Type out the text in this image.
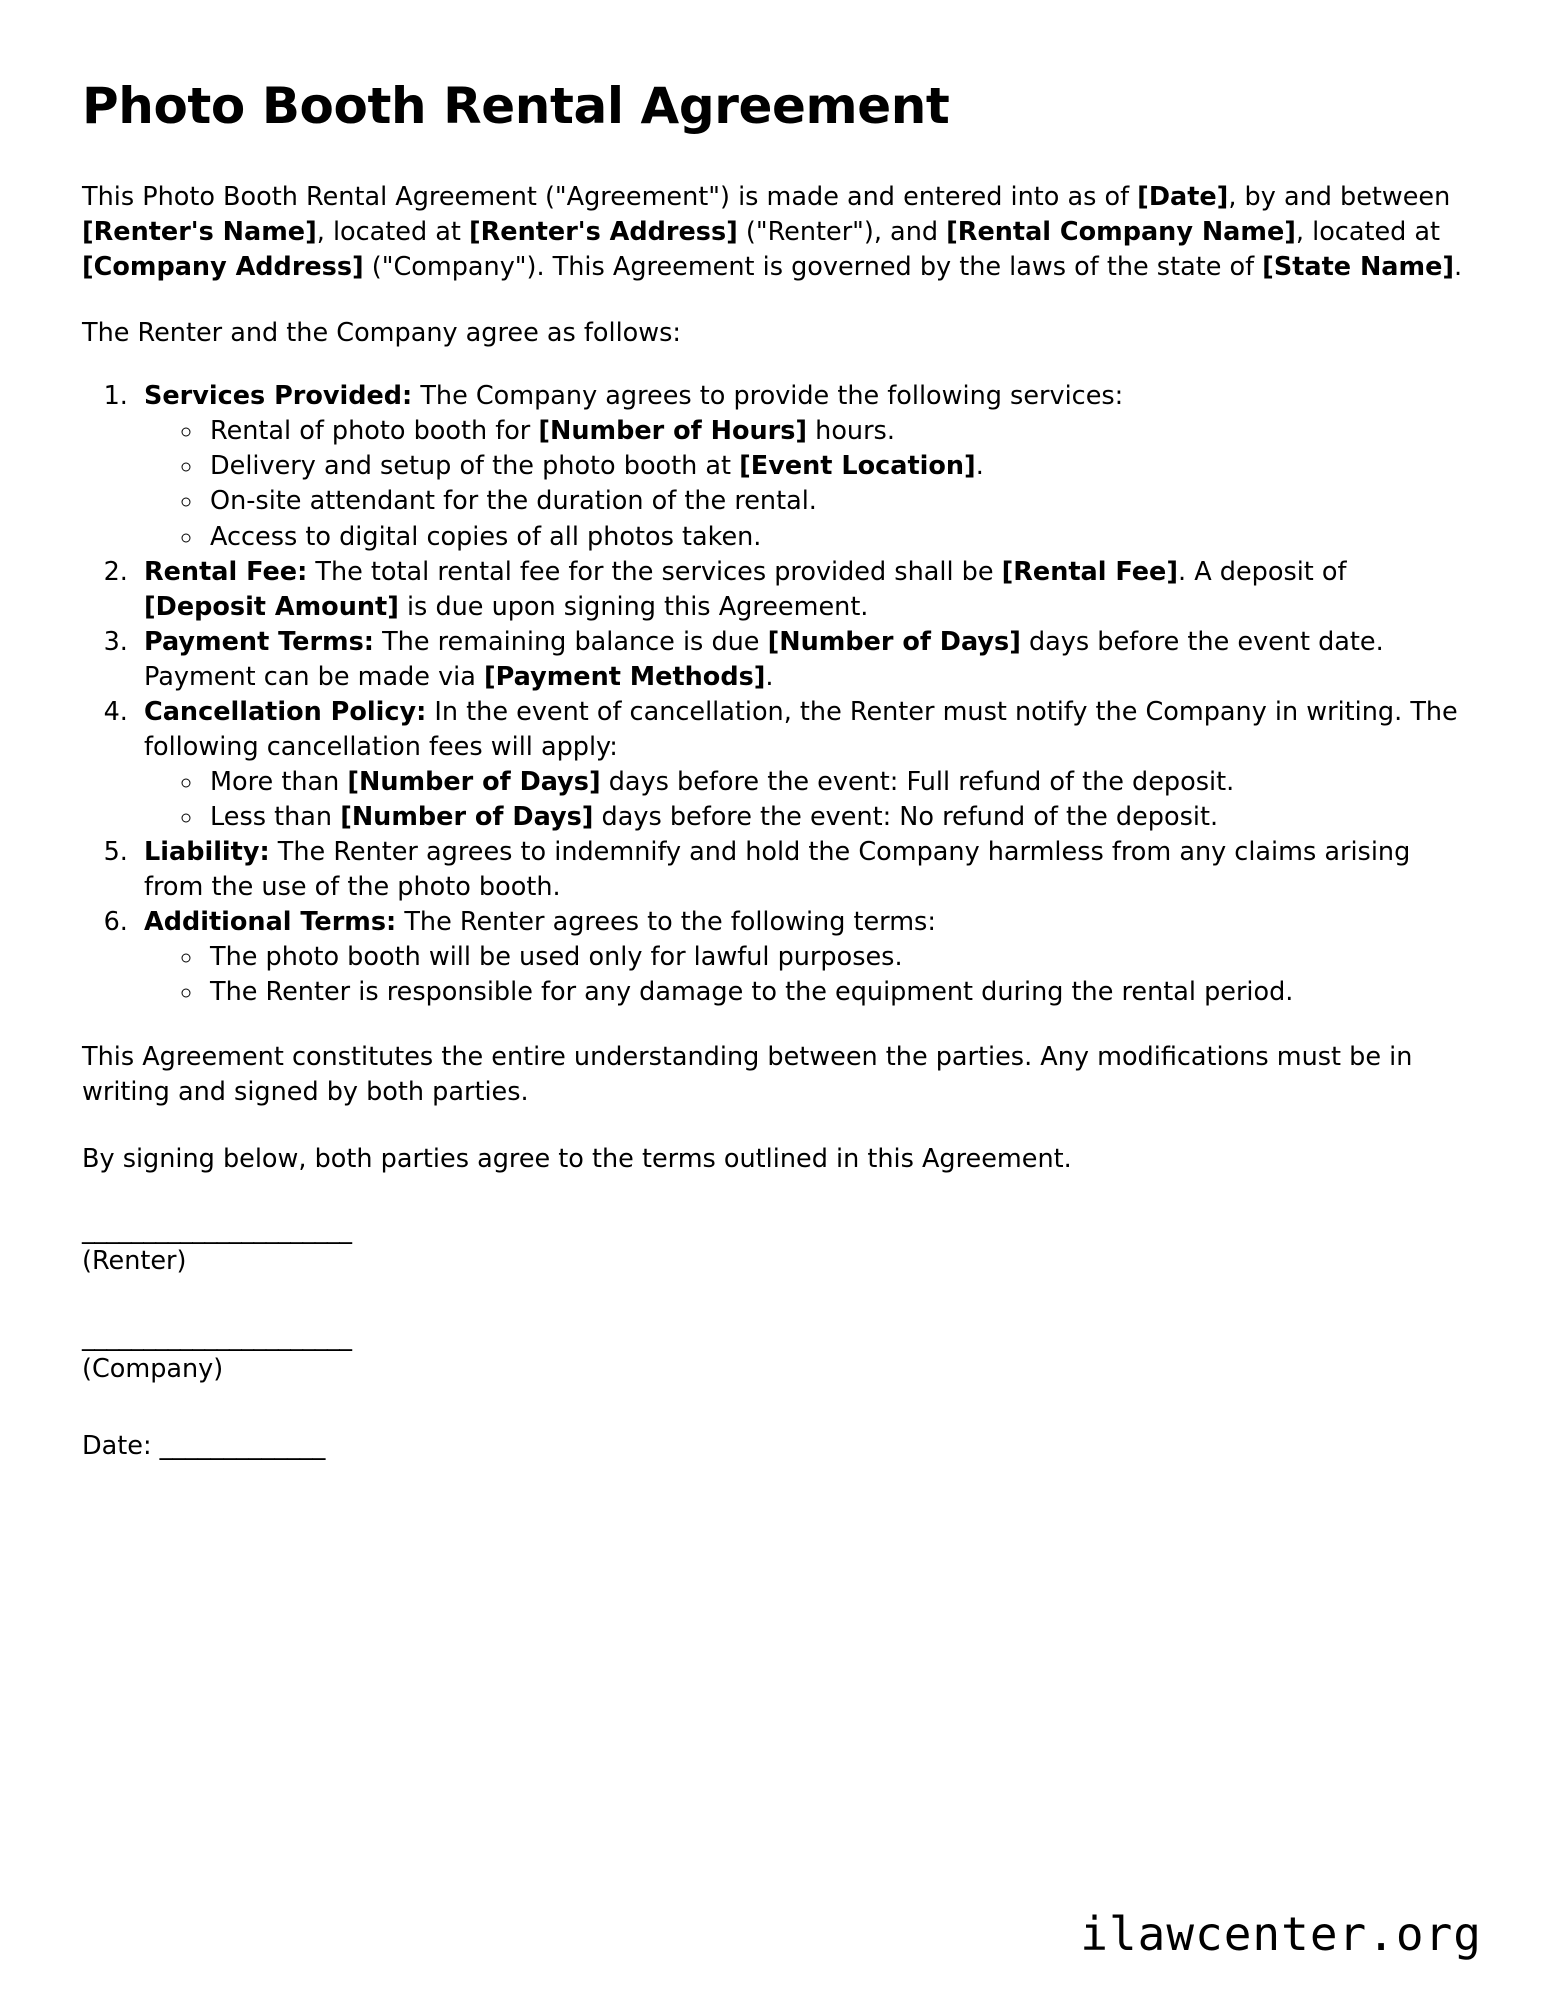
Photo Booth Rental Agreement

This Photo Booth Rental Agreement ("Agreement") is made and entered into as of [Date], by and between [Renter's Name], located at [Renter's Address] ("Renter"), and [Rental Company Name], located at [Company Address] ("Company"). This Agreement is governed by the laws of the state of [State Name].

The Renter and the Company agree as follows:

1. Services Provided: The Company agrees to provide the following services:
◦ Rental of photo booth for [Number of Hours] hours.
◦ Delivery and setup of the photo booth at [Event Location].
◦ On-site attendant for the duration of the rental.
◦ Access to digital copies of all photos taken.
2. Rental Fee: The total rental fee for the services provided shall be [Rental Fee]. A deposit of [Deposit Amount] is due upon signing this Agreement.
3. Payment Terms: The remaining balance is due [Number of Days] days before the event date. Payment can be made via [Payment Methods].
4. Cancellation Policy: In the event of cancellation, the Renter must notify the Company in writing. The following cancellation fees will apply:
◦ More than [Number of Days] days before the event: Full refund of the deposit.
◦ Less than [Number of Days] days before the event: No refund of the deposit.
5. Liability: The Renter agrees to indemnify and hold the Company harmless from any claims arising from the use of the photo booth.
6. Additional Terms: The Renter agrees to the following terms:
◦ The photo booth will be used only for lawful purposes.
◦ The Renter is responsible for any damage to the equipment during the rental period.

This Agreement constitutes the entire understanding between the parties. Any modifications must be in writing and signed by both parties.

By signing below, both parties agree to the terms outlined in this Agreement.

______________________
(Renter)
______________________
(Company)
Date: _____________
ilawcenter.org
